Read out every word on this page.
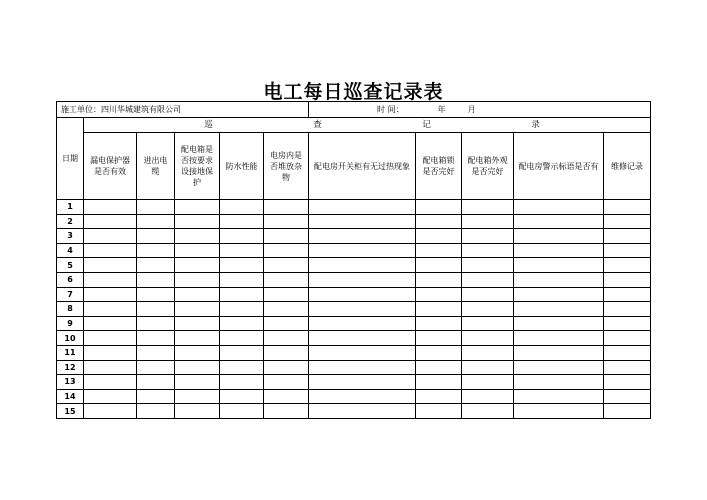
电工每日巡查记录表
施工单位：四川华城建筑有限公司						时 间： 年 月				
日期	巡 查 记 录									

	漏电保护器是否有效	进出电缆	配电箱是否按要求设接地保护	防水性能	电房内是否堆放杂物	配电房开关柜有无过热现象	配电箱锁是否完好	配电箱外观是否完好	配电房警示标语是否有	维修记录
1										
2										
3										
4										
5										
6										
7										
8										
9										
10										
11										
12										
13										
14										
15										
